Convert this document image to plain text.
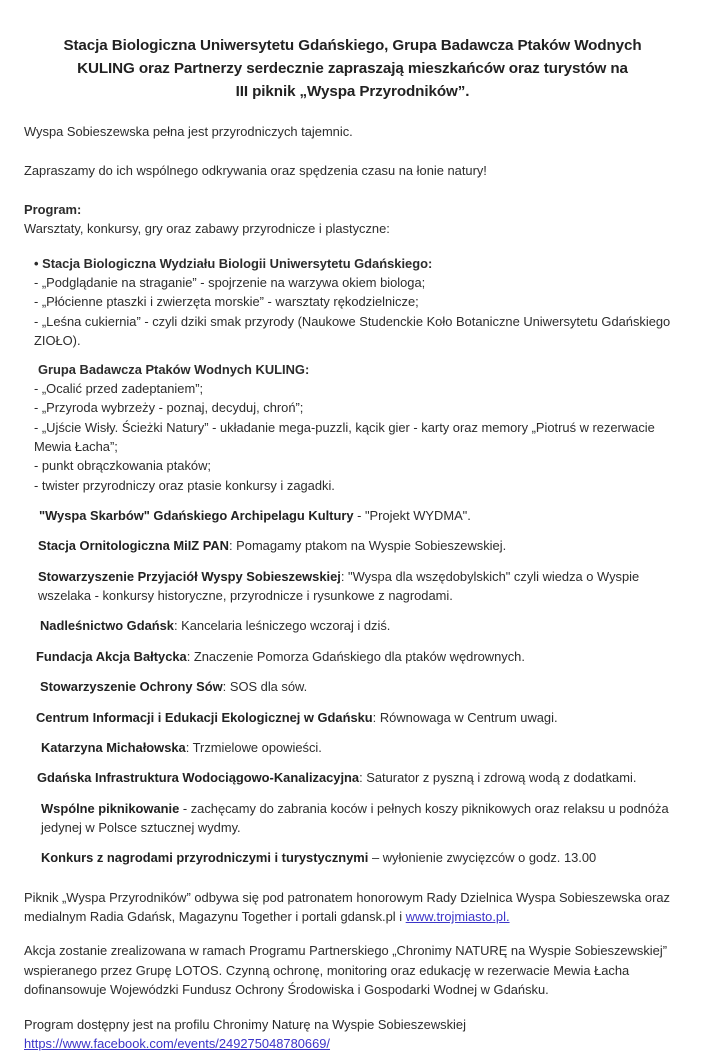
Stacja Biologiczna Uniwersytetu Gdańskiego, Grupa Badawcza Ptaków Wodnych
KULING oraz Partnerzy serdecznie zapraszają mieszkańców oraz turystów na
III piknik „Wyspa Przyrodników”.

Wyspa Sobieszewska pełna jest przyrodniczych tajemnic.

Zapraszamy do ich wspólnego odkrywania oraz spędzenia czasu na łonie natury!

Program:

Warsztaty, konkursy, gry oraz zabawy przyrodnicze i plastyczne:

• Stacja Biologiczna Wydziału Biologii Uniwersytetu Gdańskiego:
- „Podglądanie na straganie” - spojrzenie na warzywa okiem biologa;
- „Płócienne ptaszki i zwierzęta morskie” - warsztaty rękodzielnicze;
- „Leśna cukiernia” - czyli dziki smak przyrody (Naukowe Studenckie Koło Botaniczne Uniwersytetu Gdańskiego ZIOŁO).
Grupa Badawcza Ptaków Wodnych KULING:
- „Ocalić przed zadeptaniem”;
- „Przyroda wybrzeży - poznaj, decyduj, chroń”;
- „Ujście Wisły. Ścieżki Natury” - układanie mega-puzzli, kącik gier - karty oraz memory „Piotruś w rezerwacie Mewia Łacha”;
- punkt obrączkowania ptaków;
- twister przyrodniczy oraz ptasie konkursy i zagadki.

"Wyspa Skarbów" Gdańskiego Archipelagu Kultury - "Projekt WYDMA".

Stacja Ornitologiczna MiIZ PAN: Pomagamy ptakom na Wyspie Sobieszewskiej.

Stowarzyszenie Przyjaciół Wyspy Sobieszewskiej: "Wyspa dla wszędobylskich" czyli wiedza o Wyspie wszelaka - konkursy historyczne, przyrodnicze i rysunkowe z nagrodami.

Nadleśnictwo Gdańsk: Kancelaria leśniczego wczoraj i dziś.

Fundacja Akcja Bałtycka: Znaczenie Pomorza Gdańskiego dla ptaków wędrownych.

Stowarzyszenie Ochrony Sów: SOS dla sów.

Centrum Informacji i Edukacji Ekologicznej w Gdańsku: Równowaga w Centrum uwagi.

Katarzyna Michałowska: Trzmielowe opowieści.

Gdańska Infrastruktura Wodociągowo-Kanalizacyjna: Saturator z pyszną i zdrową wodą z dodatkami.

Wspólne piknikowanie - zachęcamy do zabrania koców i pełnych koszy piknikowych oraz relaksu u podnóża jedynej w Polsce sztucznej wydmy.

Konkurs z nagrodami przyrodniczymi i turystycznymi – wyłonienie zwycięzców o godz. 13.00

Piknik „Wyspa Przyrodników” odbywa się pod patronatem honorowym Rady Dzielnica Wyspa Sobieszewska oraz medialnym Radia Gdańsk, Magazynu Together i portali gdansk.pl i www.trojmiasto.pl.

Akcja zostanie zrealizowana w ramach Programu Partnerskiego „Chronimy NATURĘ na Wyspie Sobieszewskiej” wspieranego przez Grupę LOTOS. Czynną ochronę, monitoring oraz edukację w rezerwacie Mewia Łacha dofinansowuje Wojewódzki Fundusz Ochrony Środowiska i Gospodarki Wodnej w Gdańsku.

Program dostępny jest na profilu Chronimy Naturę na Wyspie Sobieszewskiej

https://www.facebook.com/events/249275048780669/
